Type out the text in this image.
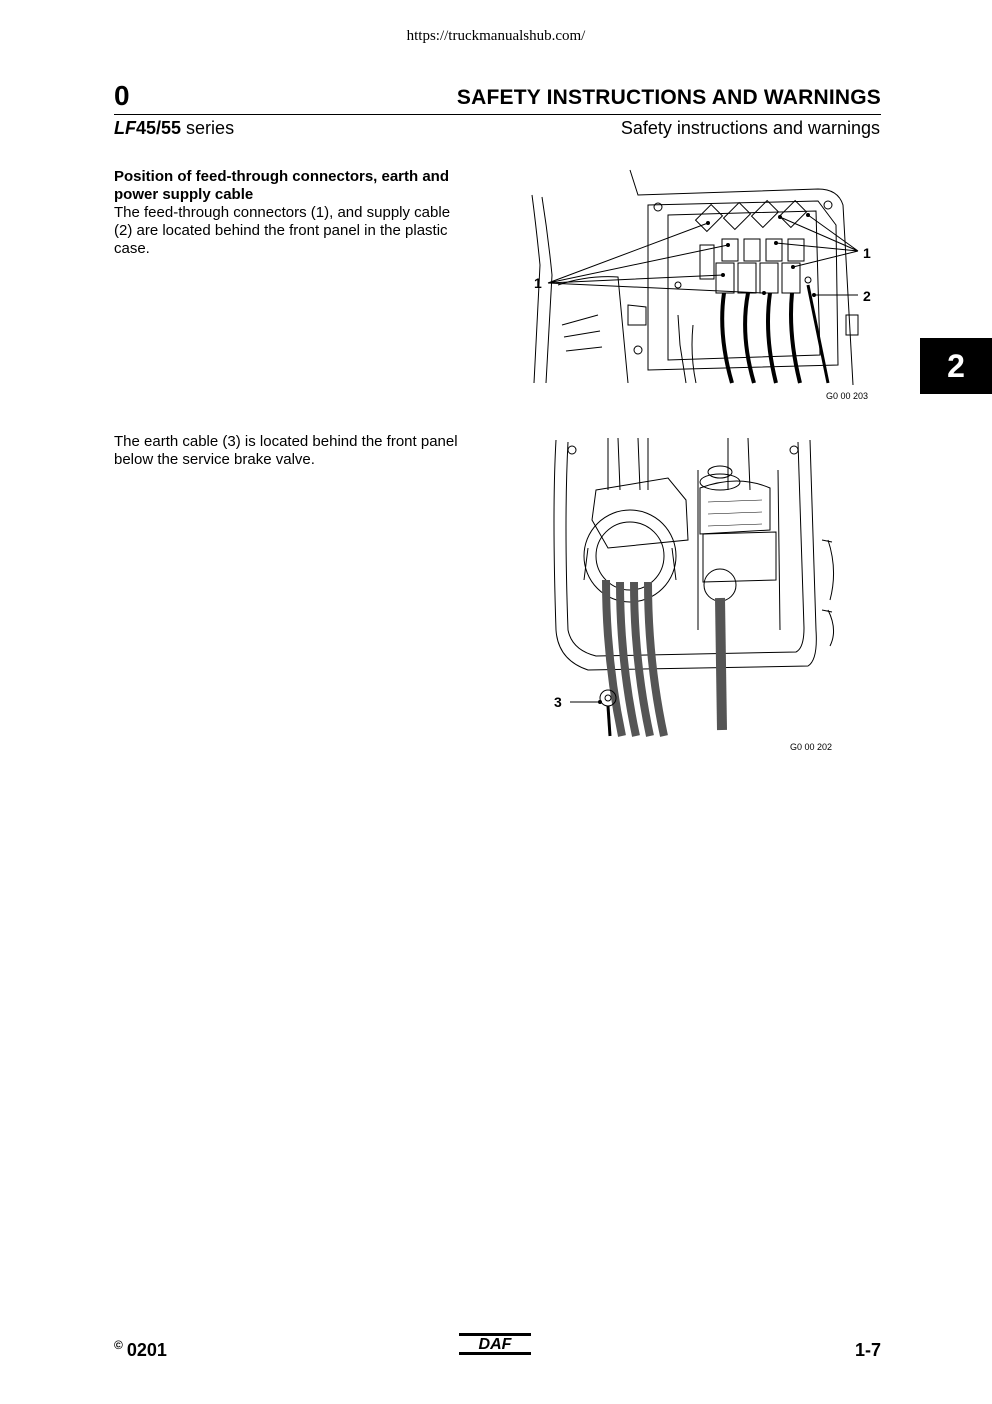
https://truckmanualshub.com/
0	SAFETY INSTRUCTIONS AND WARNINGS
LF45/55 series	Safety instructions and warnings
Position of feed-through connectors, earth and power supply cable
The feed-through connectors (1), and supply cable (2) are located behind the front panel in the plastic case.
The earth cable (3) is located behind the front panel below the service brake valve.
2
1
1
2
G0 00 203
3
G0 00 202
© 0201	DAF	1-7
